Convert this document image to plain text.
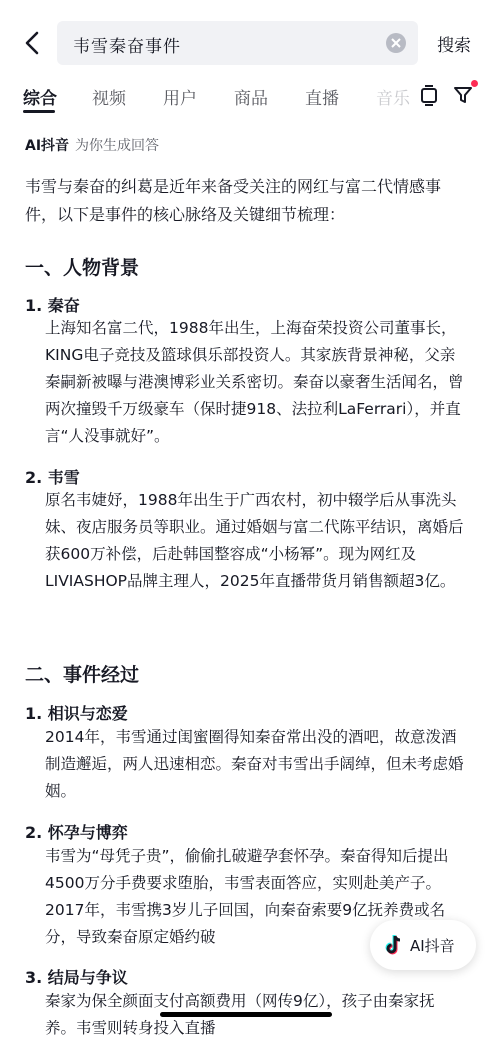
韦雪秦奋事件	搜索
综合 视频 用户 商品 直播 音乐
AI抖音 为你生成回答
韦雪与秦奋的纠葛是近年来备受关注的网红与富二代情感事件，以下是事件的核心脉络及关键细节梳理：
一、人物背景
1. 秦奋
上海知名富二代，1988年出生，上海奋荣投资公司董事长，KING电子竞技及篮球俱乐部投资人。其家族背景神秘，父亲秦嗣新被曝与港澳博彩业关系密切。秦奋以豪奢生活闻名，曾两次撞毁千万级豪车（保时捷918、法拉利LaFerrari），并直言“人没事就好”。
2. 韦雪
原名韦婕妤，1988年出生于广西农村，初中辍学后从事洗头妹、夜店服务员等职业。通过婚姻与富二代陈平结识，离婚后获600万补偿，后赴韩国整容成“小杨幂”。现为网红及LIVIASHOP品牌主理人，2025年直播带货月销售额超3亿。
二、事件经过
1. 相识与恋爱
2014年，韦雪通过闺蜜圈得知秦奋常出没的酒吧，故意泼酒制造邂逅，两人迅速相恋。秦奋对韦雪出手阔绰，但未考虑婚姻。
2. 怀孕与博弈
韦雪为“母凭子贵”，偷偷扎破避孕套怀孕。秦奋得知后提出4500万分手费要求堕胎，韦雪表面答应，实则赴美产子。2017年，韦雪携3岁儿子回国，向秦奋索要9亿抚养费或名分，导致秦奋原定婚约破
3. 结局与争议
秦家为保全颜面支付高额费用（网传9亿），孩子由秦家抚养。韦雪则转身投入直播
AI抖音
